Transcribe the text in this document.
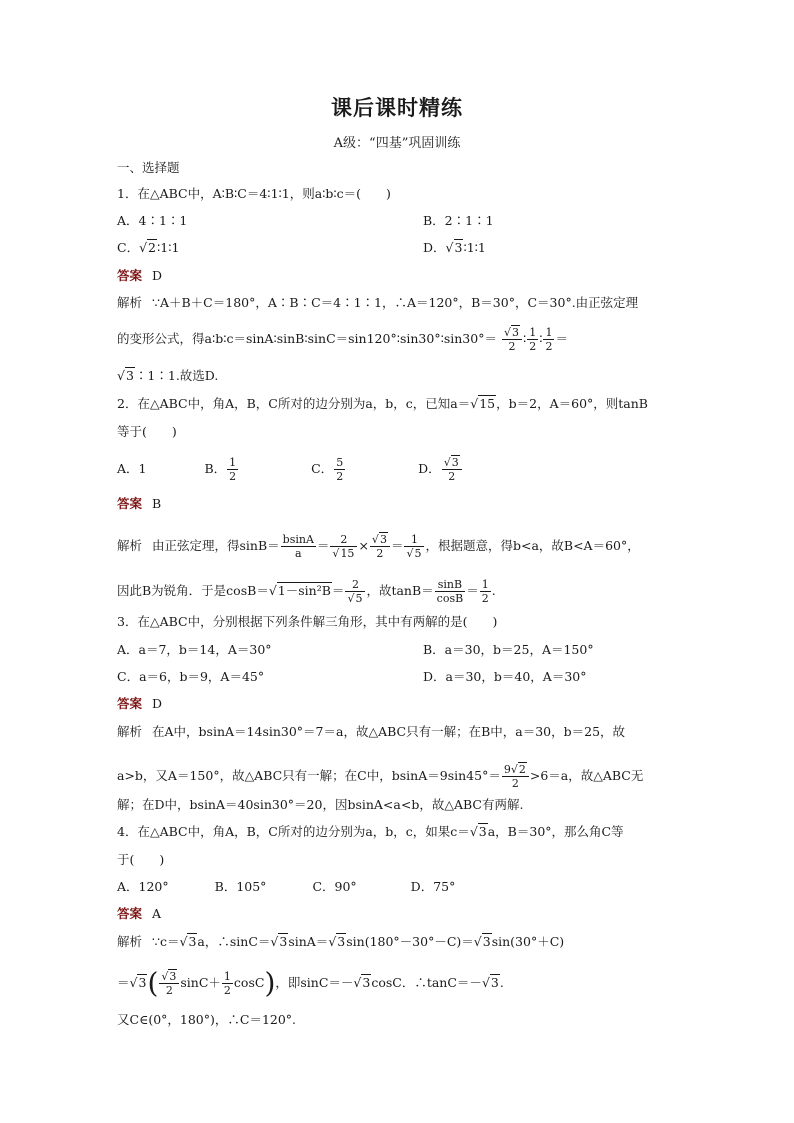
课后课时精练
A级：“四基”巩固训练
一、选择题
1．在△ABC中，A∶B∶C＝4∶1∶1，则a∶b∶c＝(　　)
A．4∶1∶1	B．2∶1∶1
C．√2∶1∶1	D．√3∶1∶1
答案 D
解析 ∵A＋B＋C＝180°，A∶B∶C＝4∶1∶1，∴A＝120°，B＝30°，C＝30°.由正弦定理
的变形公式，得a∶b∶c＝sinA∶sinB∶sinC＝sin120°∶sin30°∶sin30°＝ $\frac{√3}{2}$ ∶ $\frac{1}{2}$ ∶ $\frac{1}{2}$ ＝
√3∶1∶1.故选D.
2．在△ABC中，角A，B，C所对的边分别为a，b，c，已知a＝√15，b＝2，A＝60°，则tanB
等于(　　)
A．1	B． $\frac{1}{2}$	C． $\frac{5}{2}$	D． $\frac{√3}{2}$
答案 B
解析 由正弦定理，得$\sin B= \frac{bsinA}{a} = \frac{2}{√15} \times \frac{√3}{2} = \frac{1}{√5}$ ，根据题意，得b<a，故B<A＝60°，
因此B为锐角．于是$\cos B=√1-\sin^2B= \frac{2}{√5}$ ，故$\tan B= \frac{\sin B}{\cos B} = \frac{1}{2}$ .
3．在△ABC中，分别根据下列条件解三角形，其中有两解的是(　　)
A．a＝7，b＝14，A＝30°	B．a＝30，b＝25，A＝150°
C．a＝6，b＝9，A＝45°	D．a＝30，b＝40，A＝30°
答案 D
解析 在A中，bsinA＝14sin30°＝7＝a，故△ABC只有一解；在B中，a＝30，b＝25，故
a>b，又A＝150°，故△ABC只有一解；在C中，$bsinA=9\sin 45^\circ= \frac{9√2}{2} >6=a$，故△ABC无
解；在D中，bsinA＝40sin30°＝20，因bsinA<a<b，故△ABC有两解.
4．在△ABC中，角A，B，C所对的边分别为a，b，c，如果c＝√3a，B＝30°，那么角C等
于(　　)
A．120°	B．105°	C．90°	D．75°
答案 A
解析 ∵c＝√3a，∴sinC＝√3sinA＝√3sin(180°－30°－C)＝√3sin(30°＋C)
$=√3( \frac{√3}{2} \sin C+ \frac{1}{2} \cos C)$，即sinC＝－√3cosC．∴tanC＝－√3.
又C∈(0°，180°)，∴C＝120°.
